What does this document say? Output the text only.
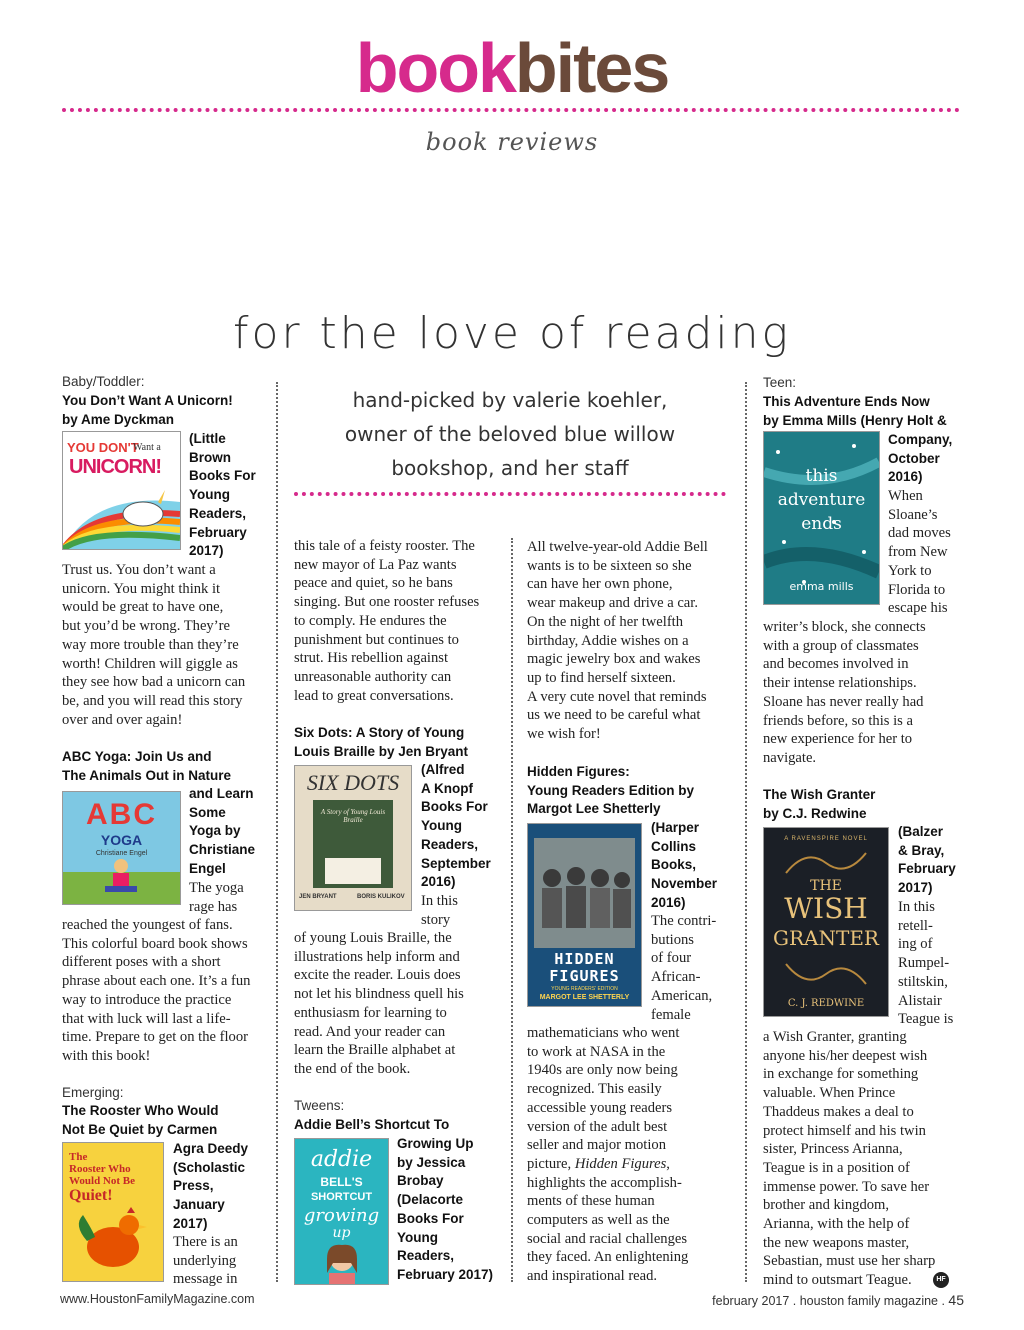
bookbites
book reviews
for the love of reading
hand-picked by valerie koehler,
owner of the beloved blue willow
bookshop, and her staff
Baby/Toddler:
You Don’t Want A Unicorn!
by Ame Dyckman
YOU DON'T
Want a
UNICORN!
(Little
Brown
Books For
Young
Readers,
February
2017)

Trust us. You don’t want a

unicorn. You might think it

would be great to have one,

but you’d be wrong. They’re

way more trouble than they’re

worth! Children will giggle as

they see how bad a unicorn can

be, and you will read this story

over and over again!

ABC Yoga: Join Us and
The Animals Out in Nature
ABC
YOGA
Christiane Engel
and Learn
Some
Yoga by
Christiane
Engel

The yoga

rage has

reached the youngest of fans.

This colorful board book shows

different poses with a short

phrase about each one. It’s a fun

way to introduce the practice

that with luck will last a life-

time. Prepare to get on the floor

with this book!

Emerging:
The Rooster Who Would
Not Be Quiet by Carmen
The
Rooster Who
Would Not Be
Quiet!
Agra Deedy
(Scholastic
Press,
January
2017)

There is an

underlying

message in

this tale of a feisty rooster. The

new mayor of La Paz wants

peace and quiet, so he bans

singing. But one rooster refuses

to comply. He endures the

punishment but continues to

strut. His rebellion against

unreasonable authority can

lead to great conversations.

Six Dots: A Story of Young
Louis Braille by Jen Bryant
SIX DOTS
A Story of Young Louis Braille
JEN BRYANT	BORIS KULIKOV
(Alfred
A Knopf
Books For
Young
Readers,
September
2016)

In this

story

of young Louis Braille, the

illustrations help inform and

excite the reader. Louis does

not let his blindness quell his

enthusiasm for learning to

read. And your reader can

learn the Braille alphabet at

the end of the book.

Tweens:
Addie Bell’s Shortcut To
addie
BELL'S
SHORTCUT
growing
up
Growing Up
by Jessica
Brobay
(Delacorte
Books For
Young
Readers,
February 2017)

All twelve-year-old Addie Bell

wants is to be sixteen so she

can have her own phone,

wear makeup and drive a car.

On the night of her twelfth

birthday, Addie wishes on a

magic jewelry box and wakes

up to find herself sixteen.

A very cute novel that reminds

us we need to be careful what

we wish for!

Hidden Figures:
Young Readers Edition by
Margot Lee Shetterly
HIDDEN
FIGURES
YOUNG READERS' EDITION
MARGOT LEE SHETTERLY
(Harper
Collins
Books,
November
2016)

The contri-

butions

of four

African-

American,

female

mathematicians who went

to work at NASA in the

1940s are only now being

recognized. This easily

accessible young readers

version of the adult best

seller and major motion

picture, Hidden Figures,

highlights the accomplish-

ments of these human

computers as well as the

social and racial challenges

they faced. An enlightening

and inspirational read.

Teen:
This Adventure Ends Now
by Emma Mills (Henry Holt &
this
adventure
ends
emma mills
Company,
October
2016)

When

Sloane’s

dad moves

from New

York to

Florida to

escape his

writer’s block, she connects

with a group of classmates

and becomes involved in

their intense relationships.

Sloane has never really had

friends before, so this is a

new experience for her to

navigate.

The Wish Granter
by C.J. Redwine
A RAVENSPIRE NOVEL
THE
WISH
GRANTER
C. J. REDWINE
(Balzer
& Bray,
February
2017)

In this

retell-

ing of

Rumpel-

stiltskin,

Alistair

Teague is

a Wish Granter, granting

anyone his/her deepest wish

in exchange for something

valuable. When Prince

Thaddeus makes a deal to

protect himself and his twin

sister, Princess Arianna,

Teague is in a position of

immense power. To save her

brother and kingdom,

Arianna, with the help of

the new weapons master,

Sebastian, must use her sharp

mind to outsmart Teague.	HF
www.HoustonFamilyMagazine.com	february 2017 . houston family magazine . 45
